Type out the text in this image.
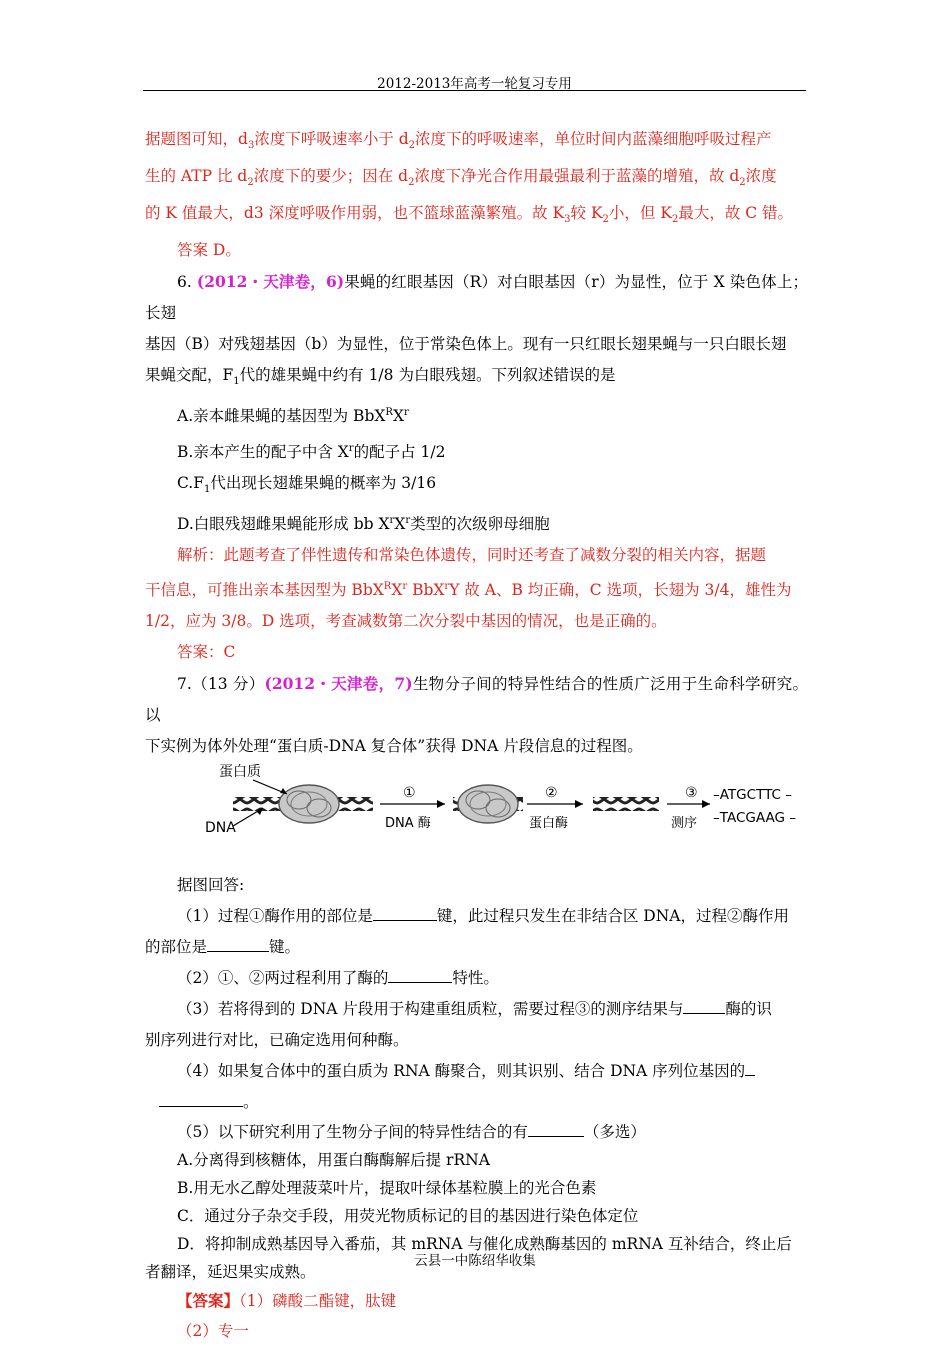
2012-2013年高考一轮复习专用

据题图可知，$d_3$浓度下呼吸速率小于 $d_2$浓度下的呼吸速率，单位时间内蓝藻细胞呼吸过程产

生的 ATP 比 $d_2$浓度下的要少；因在 $d_2$浓度下净光合作用最强最利于蓝藻的增殖，故 $d_2$浓度

的 K 值最大，d3 深度呼吸作用弱，也不篮球蓝藻繁殖。故 $K_3$较 $K_2$小，但 $K_2$最大，故 C 错。

答案 D。

6. (2012・天津卷，6)果蝇的红眼基因（R）对白眼基因（r）为显性，位于 X 染色体上；长翅

基因（B）对残翅基因（b）为显性，位于常染色体上。现有一只红眼长翅果蝇与一只白眼长翅

果蝇交配，$F_1$代的雄果蝇中约有 1/8 为白眼残翅。下列叙述错误的是

A.亲本雌果蝇的基因型为 $BbX^RX^r$

B.亲本产生的配子中含 $X^r$的配子占 1/2

$C.F_1$代出现长翅雄果蝇的概率为 3/16

D.白眼残翅雌果蝇能形成 bb $X^rX^r$类型的次级卵母细胞

解析：此题考查了伴性遗传和常染色体遗传，同时还考查了减数分裂的相关内容，据题

干信息，可推出亲本基因型为 $BbX^RX^r$ BbX$^r$Y 故 A、B 均正确，C 选项，长翅为 3/4，雄性为

1/2，应为 3/8。D 选项，考查减数第二次分裂中基因的情况，也是正确的。

答案：C

7.（13 分）(2012・天津卷，7)生物分子间的特异性结合的性质广泛用于生命科学研究。以

下实例为体外处理“蛋白质-DNA 复合体”获得 DNA 片段信息的过程图。

蛋白质
DNA
①
DNA 酶
②
蛋白酶
③
测序
–ATGCTTC –
–TACGAAG –

据图回答:

（1）过程①酶作用的部位是	键，此过程只发生在非结合区 DNA，过程②酶作用

的部位是	键。

（2）①、②两过程利用了酶的	特性。

（3）若将得到的 DNA 片段用于构建重组质粒，需要过程③的测序结果与	酶的识

别序列进行对比，已确定选用何种酶。

（4）如果复合体中的蛋白质为 RNA 酶聚合，则其识别、结合 DNA 序列位基因的

。

（5）以下研究利用了生物分子间的特异性结合的有	（多选）

A.分离得到核糖体，用蛋白酶酶解后提 rRNA

B.用无水乙醇处理菠菜叶片，提取叶绿体基粒膜上的光合色素

C．通过分子杂交手段，用荧光物质标记的目的基因进行染色体定位

D．将抑制成熟基因导入番茄，其 mRNA 与催化成熟酶基因的 mRNA 互补结合，终止后

者翻译，延迟果实成熟。

【答案】（1）磷酸二酯键，肽键

（2）专一

云县一中陈绍华收集
